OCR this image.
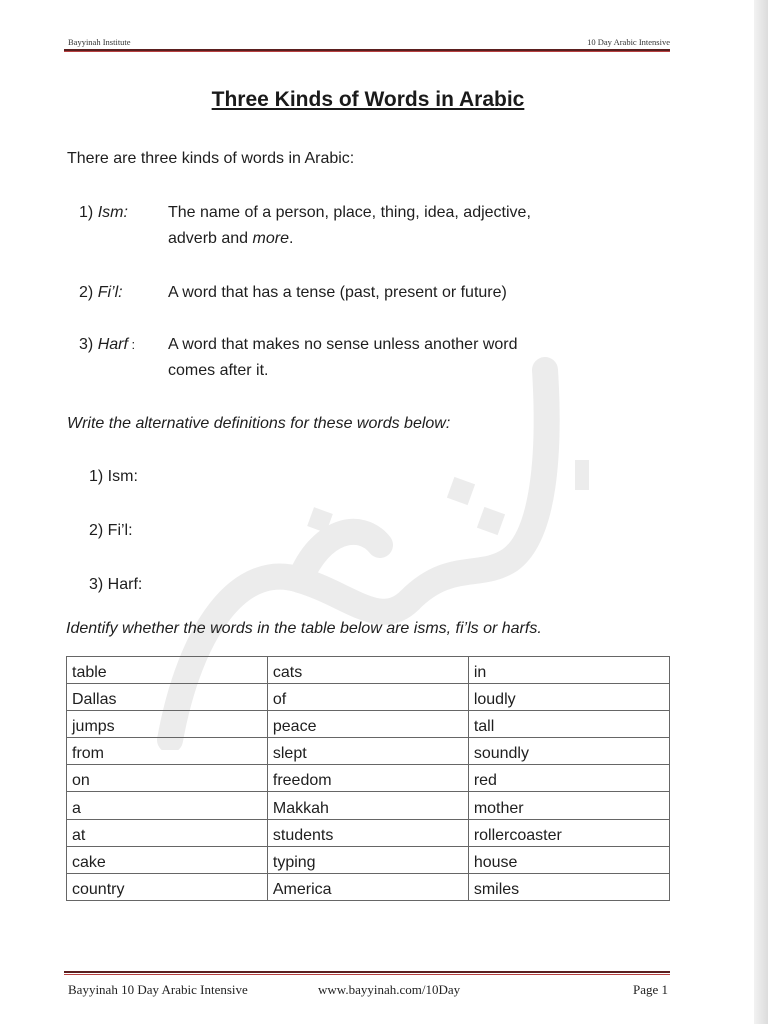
Bayyinah Institute	10 Day Arabic Intensive
Three Kinds of Words in Arabic
There are three kinds of words in Arabic:
1) Ism:	The name of a person, place, thing, idea, adjective,
adverb and more.
2) Fi’l:	A word that has a tense (past, present or future)
3) Harf : A word that makes no sense unless another word
comes after it.
Write the alternative definitions for these words below:
1) Ism:
2) Fi’l:
3) Harf:
Identify whether the words in the table below are isms, fi’ls or harfs.
table	cats	in
Dallas	of	loudly
jumps	peace	tall
from	slept	soundly
on	freedom	red
a	Makkah	mother
at	students	rollercoaster
cake	typing	house
country	America	smiles
Bayyinah 10 Day Arabic Intensive	www.bayyinah.com/10Day	Page 1
